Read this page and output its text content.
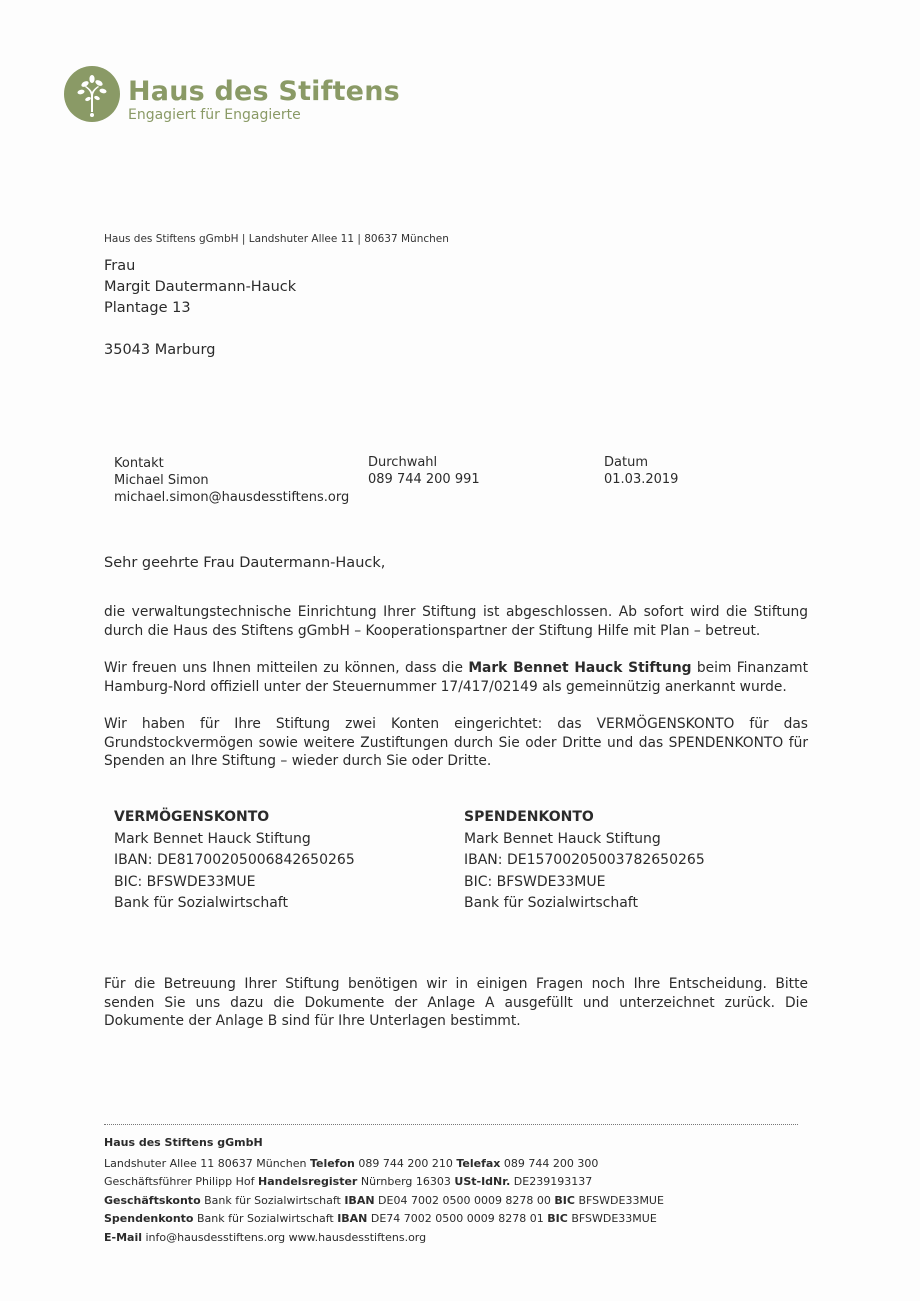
Haus des Stiftens
Engagiert für Engagierte
Haus des Stiftens gGmbH | Landshuter Allee 11 | 80637 München
Frau
Margit Dautermann-Hauck
Plantage 13
35043 Marburg
Kontakt
Michael Simon
michael.simon@hausdesstiftens.org
Durchwahl
089 744 200 991
Datum
01.03.2019
Sehr geehrte Frau Dautermann-Hauck,
die verwaltungstechnische Einrichtung Ihrer Stiftung ist abgeschlossen. Ab sofort wird die Stiftung durch die Haus des Stiftens gGmbH – Kooperationspartner der Stiftung Hilfe mit Plan – betreut.
Wir freuen uns Ihnen mitteilen zu können, dass die Mark Bennet Hauck Stiftung beim Finanzamt Hamburg-Nord offiziell unter der Steuernummer 17/417/02149 als gemeinnützig anerkannt wurde.
Wir haben für Ihre Stiftung zwei Konten eingerichtet: das VERMÖGENSKONTO für das Grundstockvermögen sowie weitere Zustiftungen durch Sie oder Dritte und das SPENDENKONTO für Spenden an Ihre Stiftung – wieder durch Sie oder Dritte.
VERMÖGENSKONTO
Mark Bennet Hauck Stiftung
IBAN: DE81700205006842650265
BIC: BFSWDE33MUE
Bank für Sozialwirtschaft
SPENDENKONTO
Mark Bennet Hauck Stiftung
IBAN: DE15700205003782650265
BIC: BFSWDE33MUE
Bank für Sozialwirtschaft
Für die Betreuung Ihrer Stiftung benötigen wir in einigen Fragen noch Ihre Entscheidung. Bitte senden Sie uns dazu die Dokumente der Anlage A ausgefüllt und unterzeichnet zurück. Die Dokumente der Anlage B sind für Ihre Unterlagen bestimmt.
Haus des Stiftens gGmbH
Landshuter Allee 11 80637 München Telefon 089 744 200 210 Telefax 089 744 200 300
Geschäftsführer Philipp Hof Handelsregister Nürnberg 16303 USt-IdNr. DE239193137
Geschäftskonto Bank für Sozialwirtschaft IBAN DE04 7002 0500 0009 8278 00 BIC BFSWDE33MUE
Spendenkonto Bank für Sozialwirtschaft IBAN DE74 7002 0500 0009 8278 01 BIC BFSWDE33MUE
E-Mail info@hausdesstiftens.org www.hausdesstiftens.org
